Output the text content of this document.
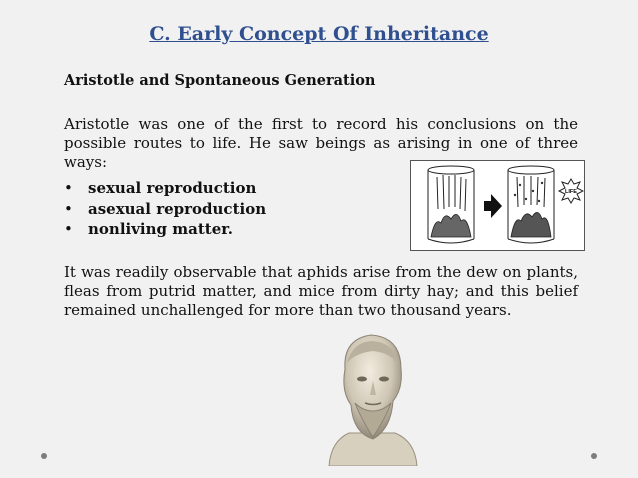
C. Early Concept Of Inheritance
Aristotle and Spontaneous Generation
Aristotle was one of the first to record his conclusions on the possible routes to life. He saw beings as arising in one of three ways:
• sexual reproduction
• asexual reproduction
• nonliving matter.
LIFE
It was readily observable that aphids arise from the dew on plants, fleas from putrid matter, and mice from dirty hay; and this belief remained unchallenged for more than two thousand years.
